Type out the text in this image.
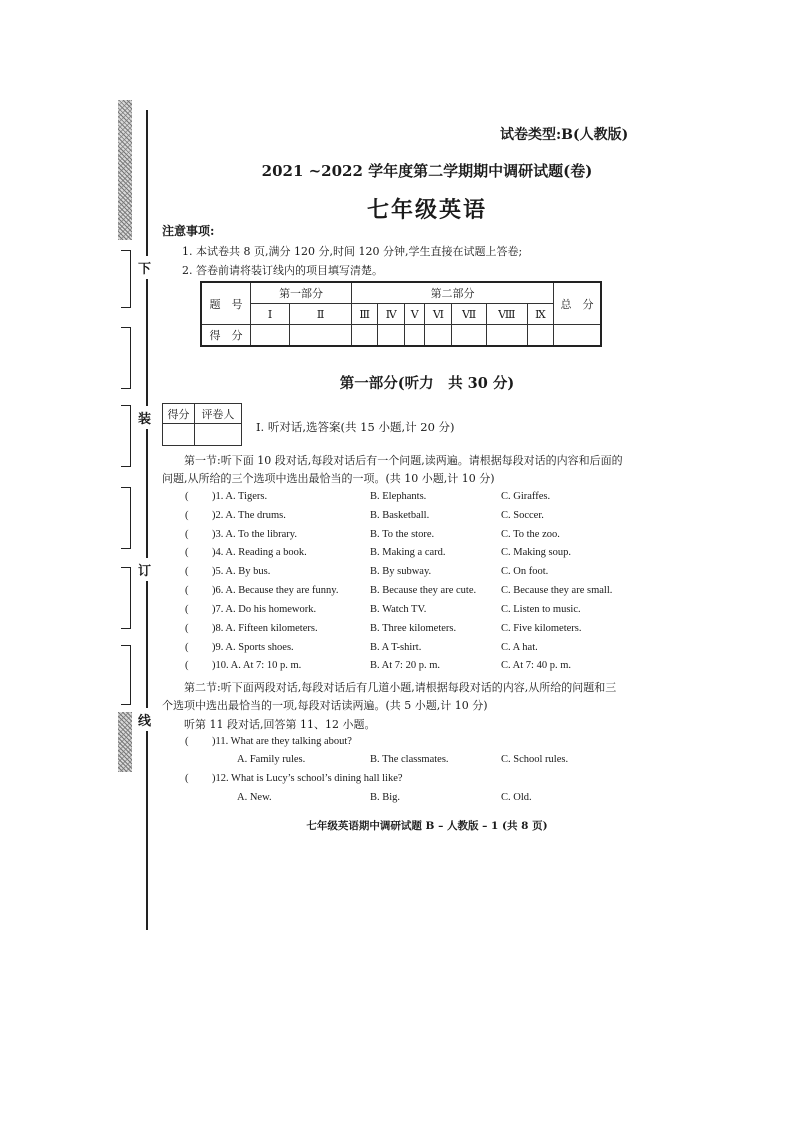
下
装
订
线
试卷类型:B(人教版)
2021 ~2022 学年度第二学期期中调研试题(卷)
七年级英语
注意事项:
1. 本试卷共 8 页,满分 120 分,时间 120 分钟,学生直接在试题上答卷;
2. 答卷前请将装订线内的项目填写清楚。
题　号	第一部分		第二部分							总　分
	Ⅰ	Ⅱ	Ⅲ	Ⅳ	Ⅴ	Ⅵ	Ⅶ	Ⅷ	Ⅸ	
得　分										
第一部分(听力　共 30 分)
得分	评卷人

Ⅰ. 听对话,选答案(共 15 小题,计 20 分)
第一节:听下面 10 段对话,每段对话后有一个问题,读两遍。请根据每段对话的内容和后面的
问题,从所给的三个选项中选出最恰当的一项。(共 10 小题,计 10 分)
( )1. A. Tigers.	B. Elephants.	C. Giraffes.
( )2. A. The drums.	B. Basketball.	C. Soccer.
( )3. A. To the library.	B. To the store.	C. To the zoo.
( )4. A. Reading a book.	B. Making a card.	C. Making soup.
( )5. A. By bus.	B. By subway.	C. On foot.
( )6. A. Because they are funny.	B. Because they are cute. C. Because they are small.
( )7. A. Do his homework.	B. Watch TV.	C. Listen to music.
( )8. A. Fifteen kilometers.	B. Three kilometers.	C. Five kilometers.
( )9. A. Sports shoes.	B. A T-shirt.	C. A hat.
( )10. A. At 7: 10 p. m.	B. At 7: 20 p. m.	C. At 7: 40 p. m.
第二节:听下面两段对话,每段对话后有几道小题,请根据每段对话的内容,从所给的问题和三
个选项中选出最恰当的一项,每段对话读两遍。(共 5 小题,计 10 分)
听第 11 段对话,回答第 11、12 小题。
( )11. What are they talking about?
A. Family rules.	B. The classmates.	C. School rules.
( )12. What is Lucy’s school’s dining hall like?
A. New.	B. Big.	C. Old.
七年级英语期中调研试题 B – 人教版 – 1 (共 8 页)
